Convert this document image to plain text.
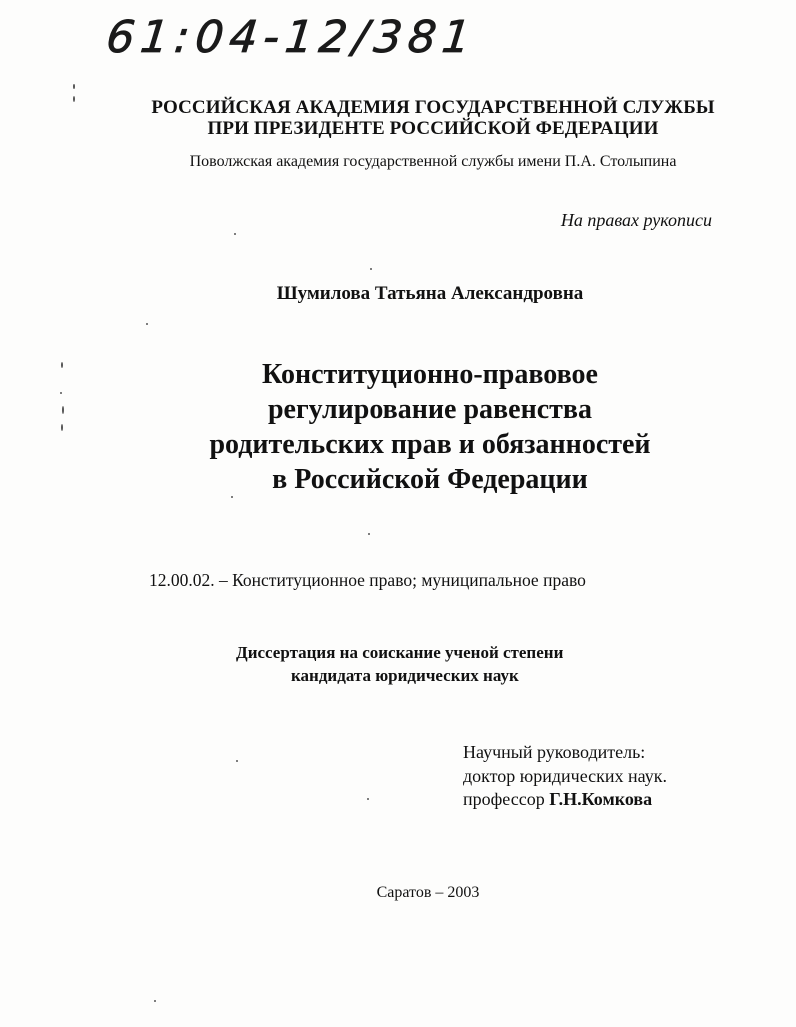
61:04-12/381
РОССИЙСКАЯ АКАДЕМИЯ ГОСУДАРСТВЕННОЙ СЛУЖБЫ
ПРИ ПРЕЗИДЕНТЕ РОССИЙСКОЙ ФЕДЕРАЦИИ
Поволжская академия государственной службы имени П.А. Столыпина
На правах рукописи
Шумилова Татьяна Александровна
Конституционно-правовое
регулирование равенства
родительских прав и обязанностей
в Российской Федерации
12.00.02. – Конституционное право; муниципальное право
Диссертация на соискание ученой степени
кандидата юридических наук
Научный руководитель:
доктор юридических наук.
профессор Г.Н.Комкова
Саратов – 2003
